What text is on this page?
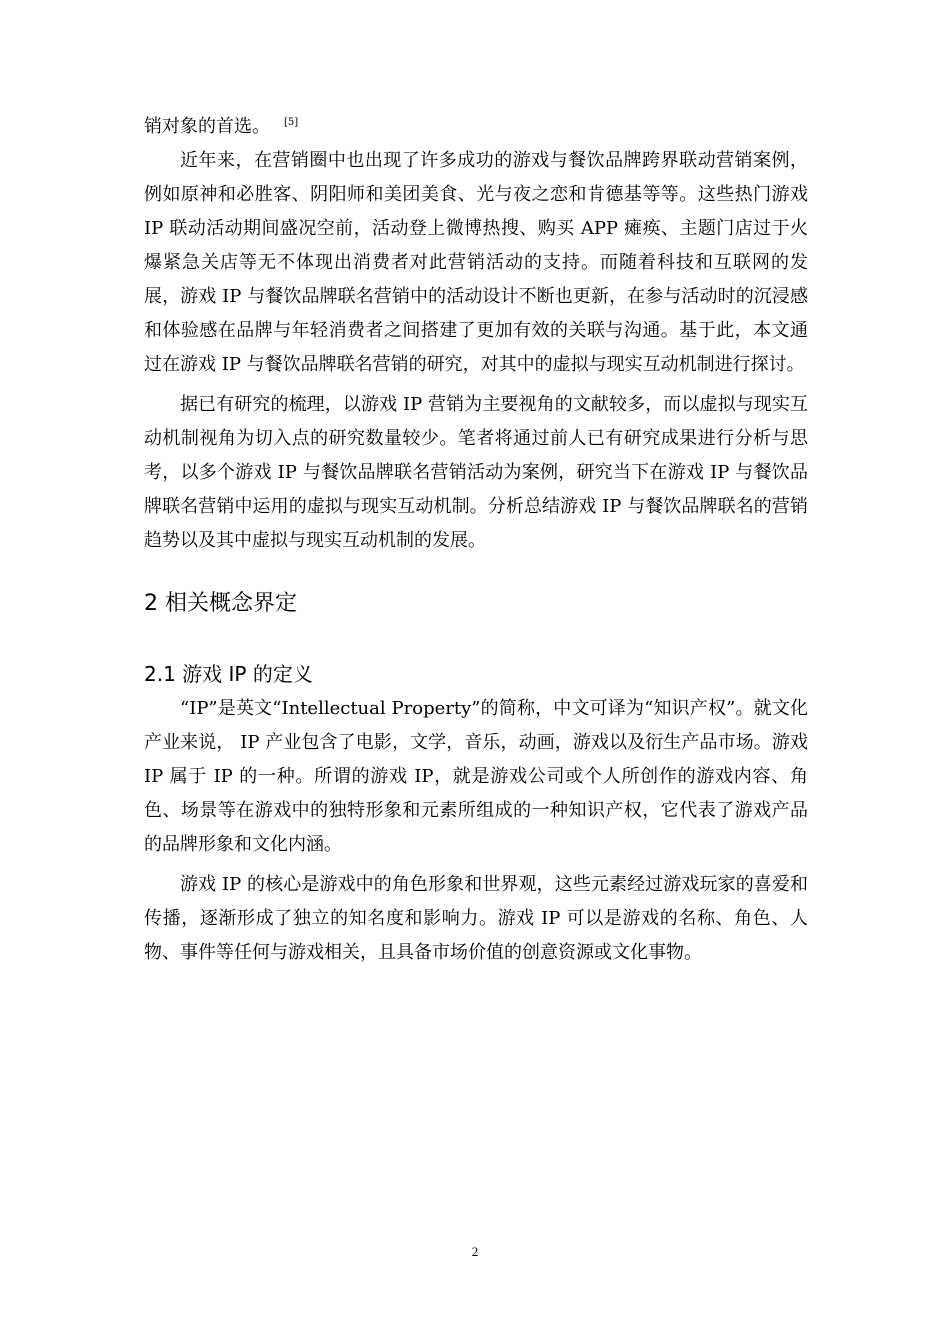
销对象的首选。 [5]

近年来，在营销圈中也出现了许多成功的游戏与餐饮品牌跨界联动营销案例，例如原神和必胜客、阴阳师和美团美食、光与夜之恋和肯德基等等。这些热门游戏 IP 联动活动期间盛况空前，活动登上微博热搜、购买 APP 瘫痪、主题门店过于火爆紧急关店等无不体现出消费者对此营销活动的支持。而随着科技和互联网的发展，游戏 IP 与餐饮品牌联名营销中的活动设计不断也更新，在参与活动时的沉浸感和体验感在品牌与年轻消费者之间搭建了更加有效的关联与沟通。基于此，本文通过在游戏 IP 与餐饮品牌联名营销的研究，对其中的虚拟与现实互动机制进行探讨。

据已有研究的梳理，以游戏 IP 营销为主要视角的文献较多，而以虚拟与现实互动机制视角为切入点的研究数量较少。笔者将通过前人已有研究成果进行分析与思考，以多个游戏 IP 与餐饮品牌联名营销活动为案例，研究当下在游戏 IP 与餐饮品牌联名营销中运用的虚拟与现实互动机制。分析总结游戏 IP 与餐饮品牌联名的营销趋势以及其中虚拟与现实互动机制的发展。

2 相关概念界定
2.1 游戏 IP 的定义

“IP”是英文“Intellectual Property”的简称，中文可译为“知识产权”。就文化产业来说， IP 产业包含了电影，文学，音乐，动画，游戏以及衍生产品市场。游戏 IP 属于 IP 的一种。所谓的游戏 IP，就是游戏公司或个人所创作的游戏内容、角色、场景等在游戏中的独特形象和元素所组成的一种知识产权，它代表了游戏产品的品牌形象和文化内涵。

游戏 IP 的核心是游戏中的角色形象和世界观，这些元素经过游戏玩家的喜爱和传播，逐渐形成了独立的知名度和影响力。游戏 IP 可以是游戏的名称、角色、人物、事件等任何与游戏相关，且具备市场价值的创意资源或文化事物。

2
